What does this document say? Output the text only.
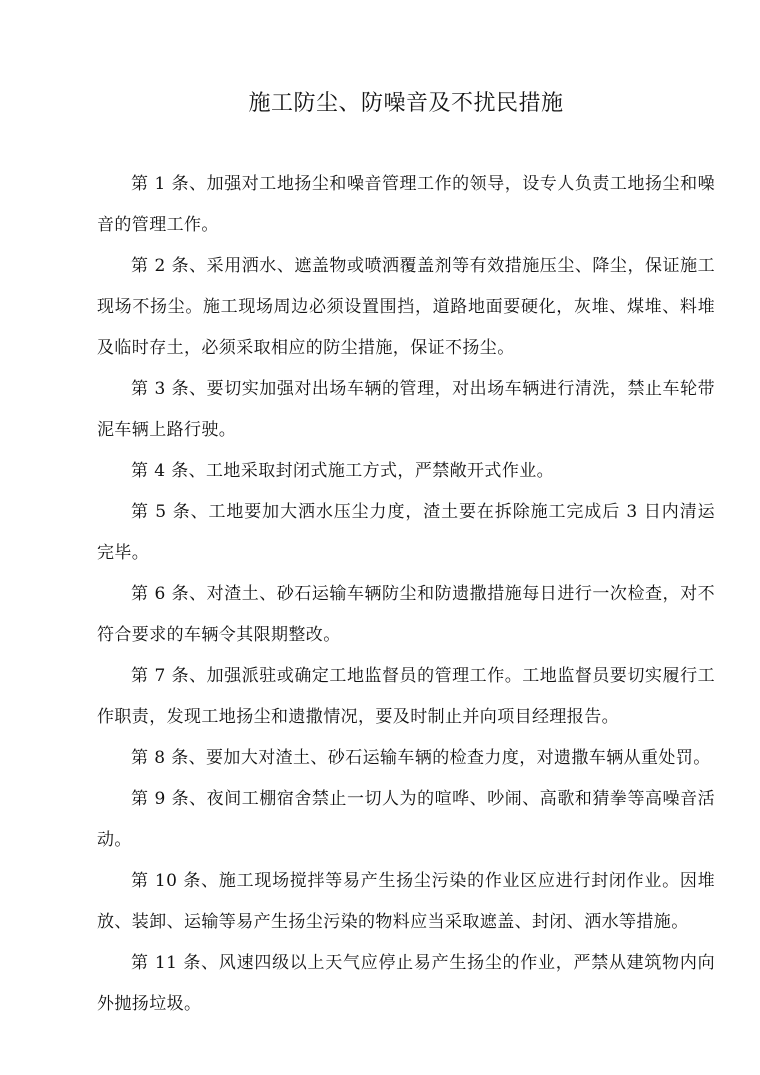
施工防尘、防噪音及不扰民措施

第 1 条、加强对工地扬尘和噪音管理工作的领导，设专人负责工地扬尘和噪音的管理工作。

第 2 条、采用洒水、遮盖物或喷洒覆盖剂等有效措施压尘、降尘，保证施工现场不扬尘。施工现场周边必须设置围挡，道路地面要硬化，灰堆、煤堆、料堆及临时存土，必须采取相应的防尘措施，保证不扬尘。

第 3 条、要切实加强对出场车辆的管理，对出场车辆进行清洗，禁止车轮带泥车辆上路行驶。

第 4 条、工地采取封闭式施工方式，严禁敞开式作业。

第 5 条、工地要加大洒水压尘力度，渣土要在拆除施工完成后 3 日内清运完毕。

第 6 条、对渣土、砂石运输车辆防尘和防遗撒措施每日进行一次检查，对不符合要求的车辆令其限期整改。

第 7 条、加强派驻或确定工地监督员的管理工作。工地监督员要切实履行工作职责，发现工地扬尘和遗撒情况，要及时制止并向项目经理报告。

第 8 条、要加大对渣土、砂石运输车辆的检查力度，对遗撒车辆从重处罚。

第 9 条、夜间工棚宿舍禁止一切人为的喧哗、吵闹、高歌和猜拳等高噪音活动。

第 10 条、施工现场搅拌等易产生扬尘污染的作业区应进行封闭作业。因堆放、装卸、运输等易产生扬尘污染的物料应当采取遮盖、封闭、洒水等措施。

第 11 条、风速四级以上天气应停止易产生扬尘的作业，严禁从建筑物内向外抛扬垃圾。
